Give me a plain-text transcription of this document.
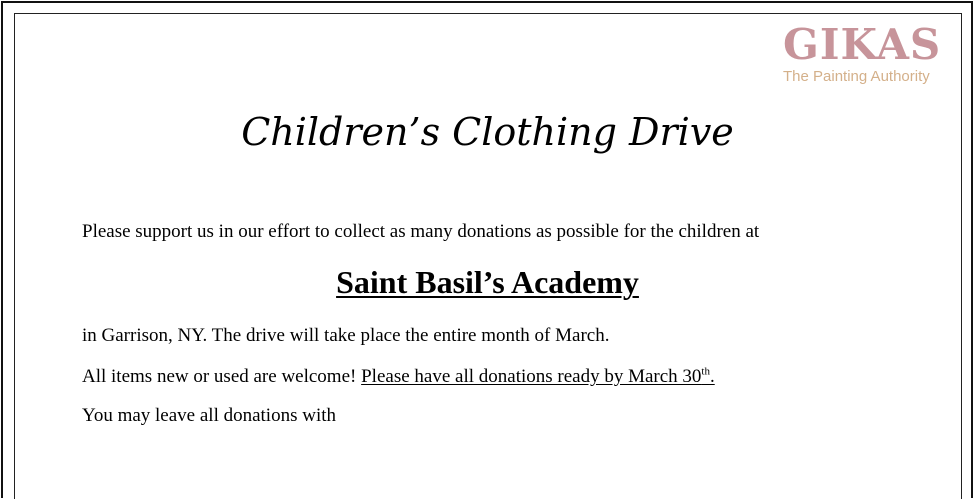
GIKAS
The Painting Authority
Children’s Clothing Drive

Please support us in our effort to collect as many donations as possible for the children at

Saint Basil’s Academy

in Garrison, NY. The drive will take place the entire month of March.

All items new or used are welcome! Please have all donations ready by March 30th.

You may leave all donations with
